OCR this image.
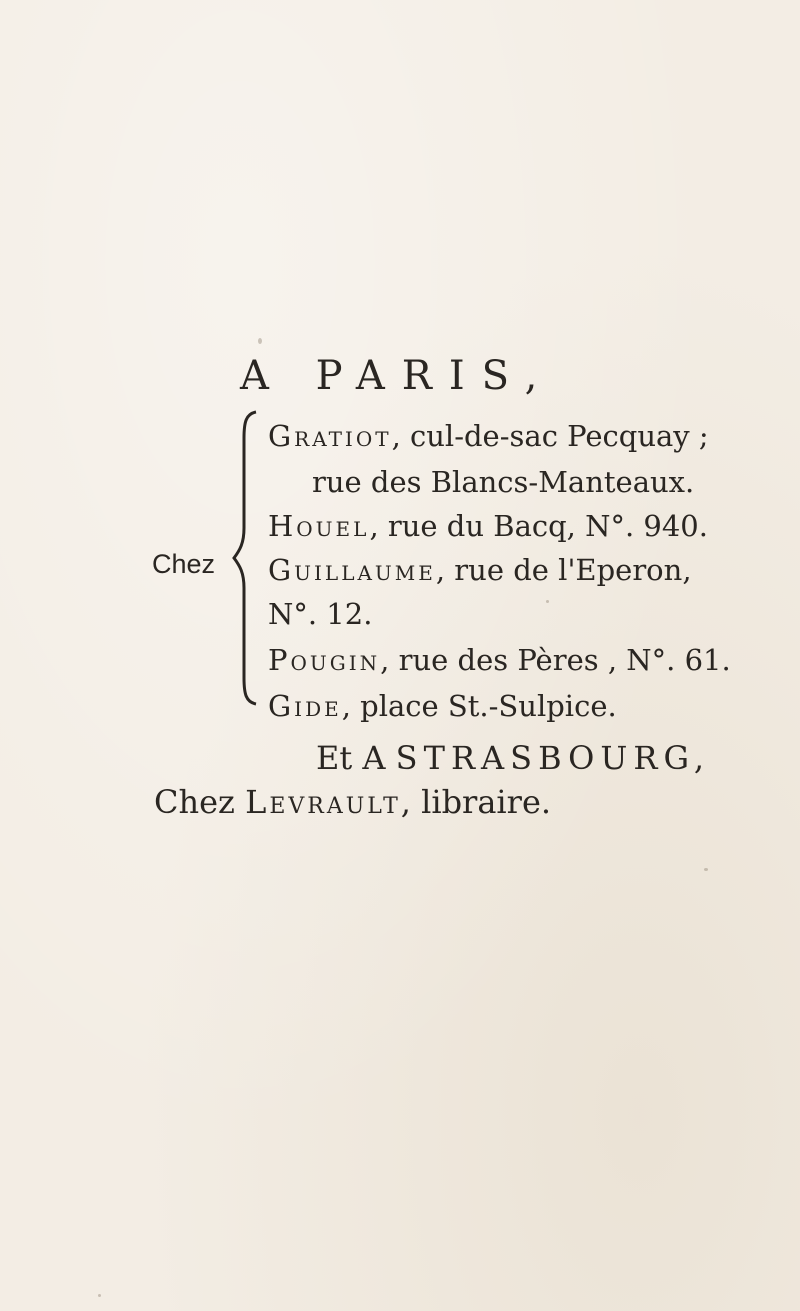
A PARIS,
Chez
Gratiot, cul-de-sac Pecquay ;
rue des Blancs-Manteaux.
Houel, rue du Bacq, N°. 940.
Guillaume, rue de l'Eperon,
N°. 12.
Pougin, rue des Pères , N°. 61.
Gide, place St.-Sulpice.
Et A STRASBOURG,
Chez Levrault, libraire.
